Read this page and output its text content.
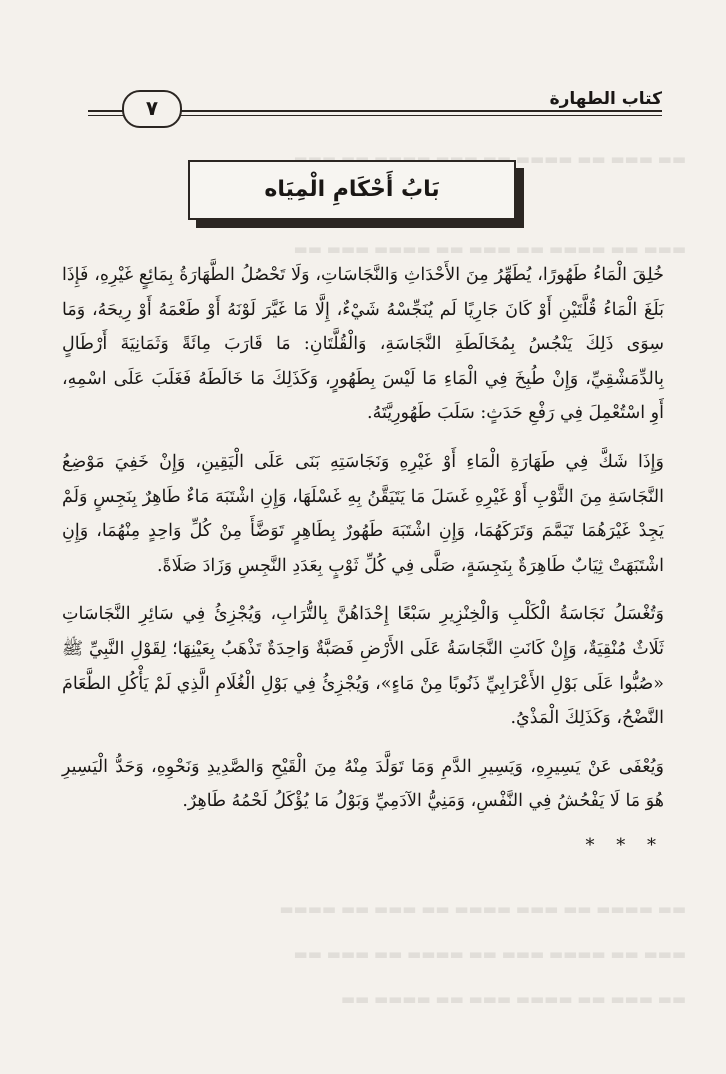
▬▬ ▬▬▬ ▬▬ ▬▬▬▬ ▬▬ ▬▬▬ ▬▬▬▬ ▬▬ ▬▬▬
▬▬▬ ▬▬ ▬▬▬▬ ▬▬ ▬▬▬ ▬▬ ▬▬▬▬ ▬▬▬ ▬▬
▬▬ ▬▬▬▬ ▬▬ ▬▬▬ ▬▬▬▬ ▬▬ ▬▬▬ ▬▬ ▬▬▬▬
▬▬▬ ▬▬ ▬▬▬▬ ▬▬▬ ▬▬ ▬▬▬▬ ▬▬ ▬▬▬ ▬▬
▬▬ ▬▬▬ ▬▬ ▬▬▬▬ ▬▬▬ ▬▬ ▬▬▬▬ ▬▬
كتاب الطهارة
٧
بَابُ أَحْكَامِ الْمِيَاه

خُلِقَ الْمَاءُ طَهُورًا، يُطَهِّرُ مِنَ الأَحْدَاثِ وَالنَّجَاسَاتِ، وَلَا تَحْصُلُ الطَّهَارَةُ بِمَائِعٍ غَيْرِهِ، فَإِذَا بَلَغَ الْمَاءُ قُلَّتَيْنِ أَوْ كَانَ جَارِيًا لَم يُنَجِّسْهُ شَيْءٌ، إِلَّا مَا غَيَّرَ لَوْنَهُ أَوْ طَعْمَهُ أَوْ رِيحَهُ، وَمَا سِوَى ذَلِكَ يَنْجُسُ بِمُخَالَطَةِ النَّجَاسَةِ، وَالْقُلَّتَانِ: مَا قَارَبَ مِائَةً وَثَمَانِيَةَ أَرْطَالٍ بِالدِّمَشْقِيِّ، وَإِنْ طُبِخَ فِي الْمَاءِ مَا لَيْسَ بِطَهُورٍ، وَكَذَلِكَ مَا خَالَطَهُ فَغَلَبَ عَلَى اسْمِهِ، أَوِ اسْتُعْمِلَ فِي رَفْعِ حَدَثٍ: سَلَبَ طَهُورِيَّتَهُ.

وَإِذَا شَكَّ فِي طَهَارَةِ الْمَاءِ أَوْ غَيْرِهِ وَنَجَاسَتِهِ بَنَى عَلَى الْيَقِينِ، وَإِنْ خَفِيَ مَوْضِعُ النَّجَاسَةِ مِنَ الثَّوْبِ أَوْ غَيْرِهِ غَسَلَ مَا يَتَيَقَّنُ بِهِ غَسْلَهَا، وَإِنِ اشْتَبَهَ مَاءٌ طَاهِرٌ بِنَجِسٍ وَلَمْ يَجِدْ غَيْرَهُمَا تَيَمَّمَ وَتَرَكَهُمَا، وَإِنِ اشْتَبَهَ طَهُورٌ بِطَاهِرٍ تَوَضَّأَ مِنْ كُلِّ وَاحِدٍ مِنْهُمَا، وَإِنِ اشْتَبَهَتْ ثِيَابٌ طَاهِرَةٌ بِنَجِسَةٍ، صَلَّى فِي كُلِّ ثَوْبٍ بِعَدَدِ النَّجِسِ وَزَادَ صَلَاةً.

وَتُغْسَلُ نَجَاسَةُ الْكَلْبِ وَالْخِنْزِيرِ سَبْعًا إِحْدَاهُنَّ بِالتُّرَابِ، وَيُجْزِئُ فِي سَائِرِ النَّجَاسَاتِ ثَلَاثٌ مُنْقِيَةٌ، وَإِنْ كَانَتِ النَّجَاسَةُ عَلَى الأَرْضِ فَصَبَّةٌ وَاحِدَةٌ تَذْهَبُ بِعَيْنِهَا؛ لِقَوْلِ النَّبِيِّ ﷺ «صُبُّوا عَلَى بَوْلِ الأَعْرَابِيِّ ذَنُوبًا مِنْ مَاءٍ»، وَيُجْزِئُ فِي بَوْلِ الْغُلَامِ الَّذِي لَمْ يَأْكُلِ الطَّعَامَ النَّضْحُ، وَكَذَلِكَ الْمَذْيُ.

وَيُعْفَى عَنْ يَسِيرِهِ، وَيَسِيرِ الدَّمِ وَمَا تَوَلَّدَ مِنْهُ مِنَ الْقَيْحِ وَالصَّدِيدِ وَنَحْوِهِ، وَحَدُّ الْيَسِيرِ هُوَ مَا لَا يَفْحُشُ فِي النَّفْسِ، وَمَنِيُّ الآدَمِيِّ وَبَوْلُ مَا يُؤْكَلُ لَحْمُهُ طَاهِرٌ.

* * *
